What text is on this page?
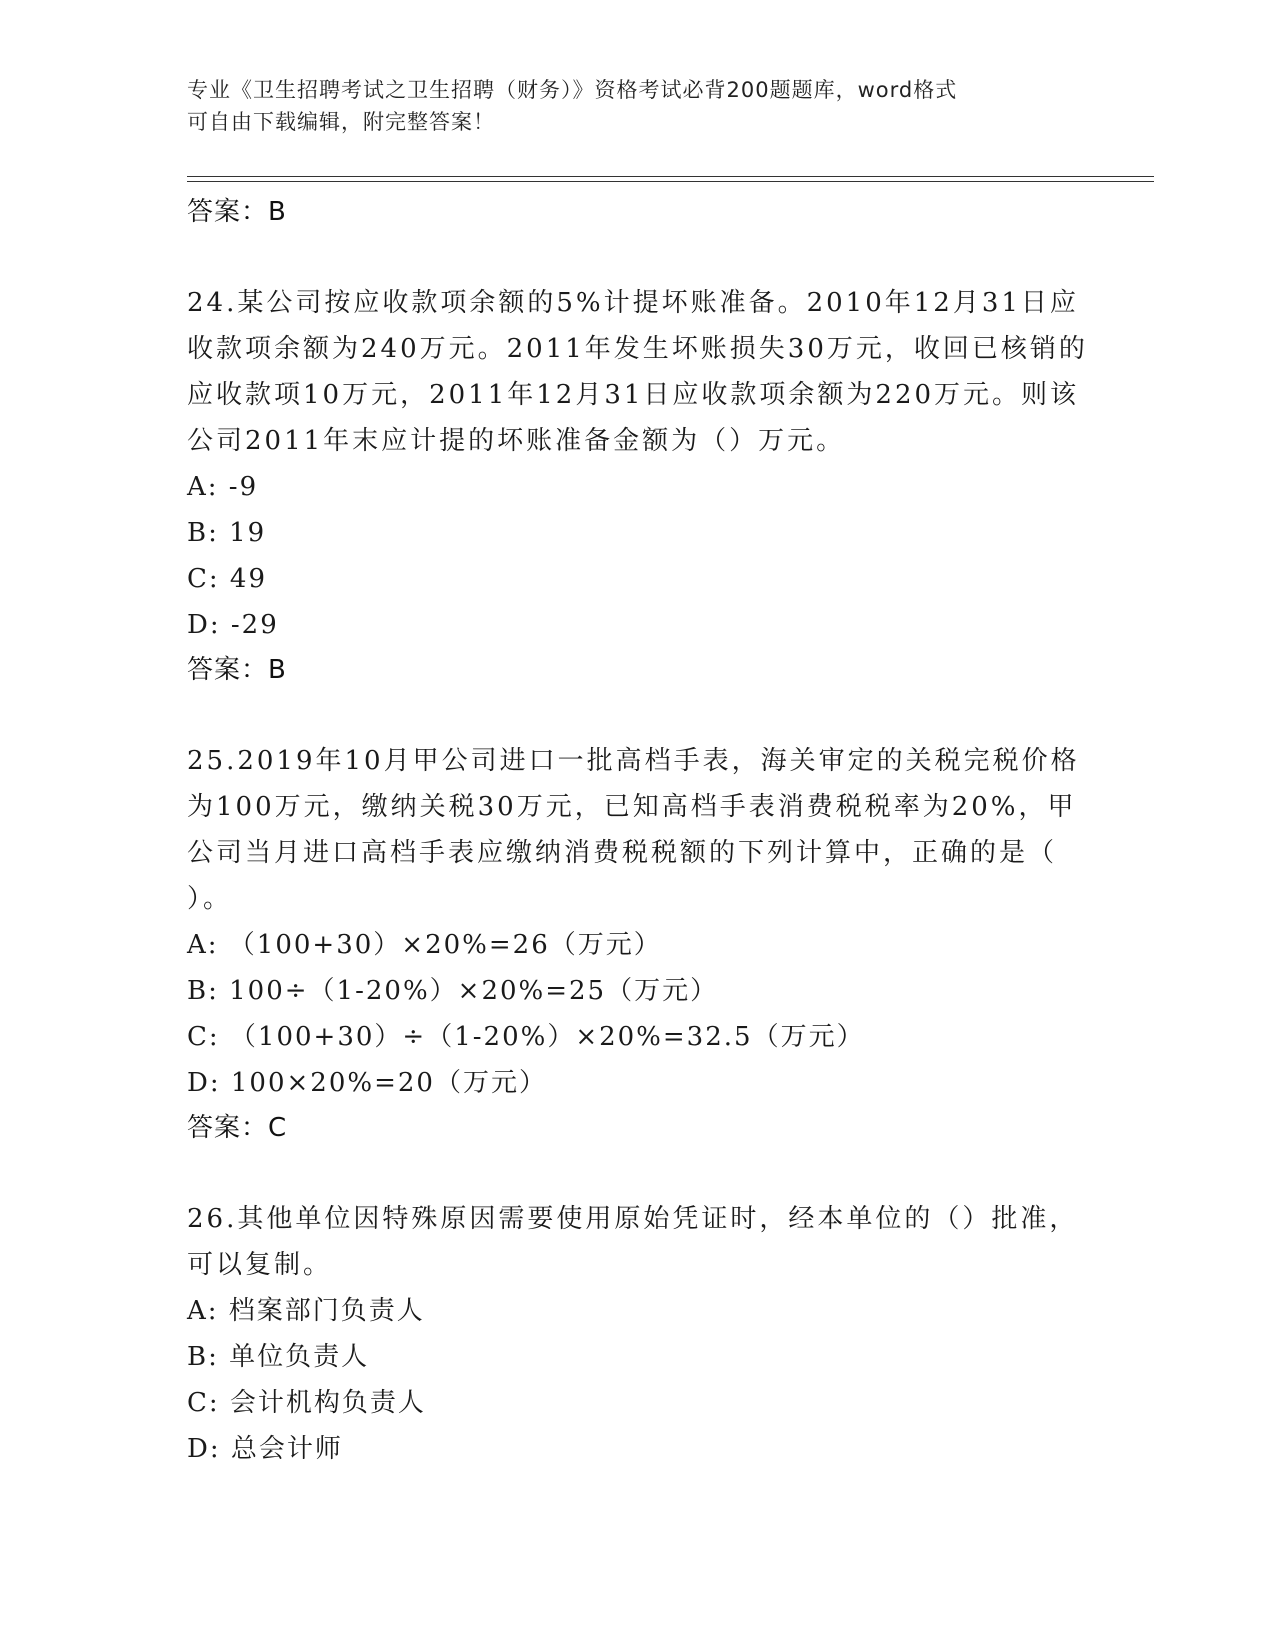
专业《卫生招聘考试之卫生招聘（财务）》资格考试必背200题题库，word格式
可自由下载编辑，附完整答案！
答案：B
24.某公司按应收款项余额的5%计提坏账准备。2010年12月31日应
收款项余额为240万元。2011年发生坏账损失30万元，收回已核销的
应收款项10万元，2011年12月31日应收款项余额为220万元。则该
公司2011年末应计提的坏账准备金额为（）万元。
A: -9
B: 19
C: 49
D: -29
答案：B
25.2019年10月甲公司进口一批高档手表，海关审定的关税完税价格
为100万元，缴纳关税30万元，已知高档手表消费税税率为20%，甲
公司当月进口高档手表应缴纳消费税税额的下列计算中，正确的是（
）。
A: （100+30）×20%=26（万元）
B: 100÷（1-20%）×20%=25（万元）
C: （100+30）÷（1-20%）×20%=32.5（万元）
D: 100×20%=20（万元）
答案：C
26.其他单位因特殊原因需要使用原始凭证时，经本单位的（）批准，
可以复制。
A: 档案部门负责人
B: 单位负责人
C: 会计机构负责人
D: 总会计师
